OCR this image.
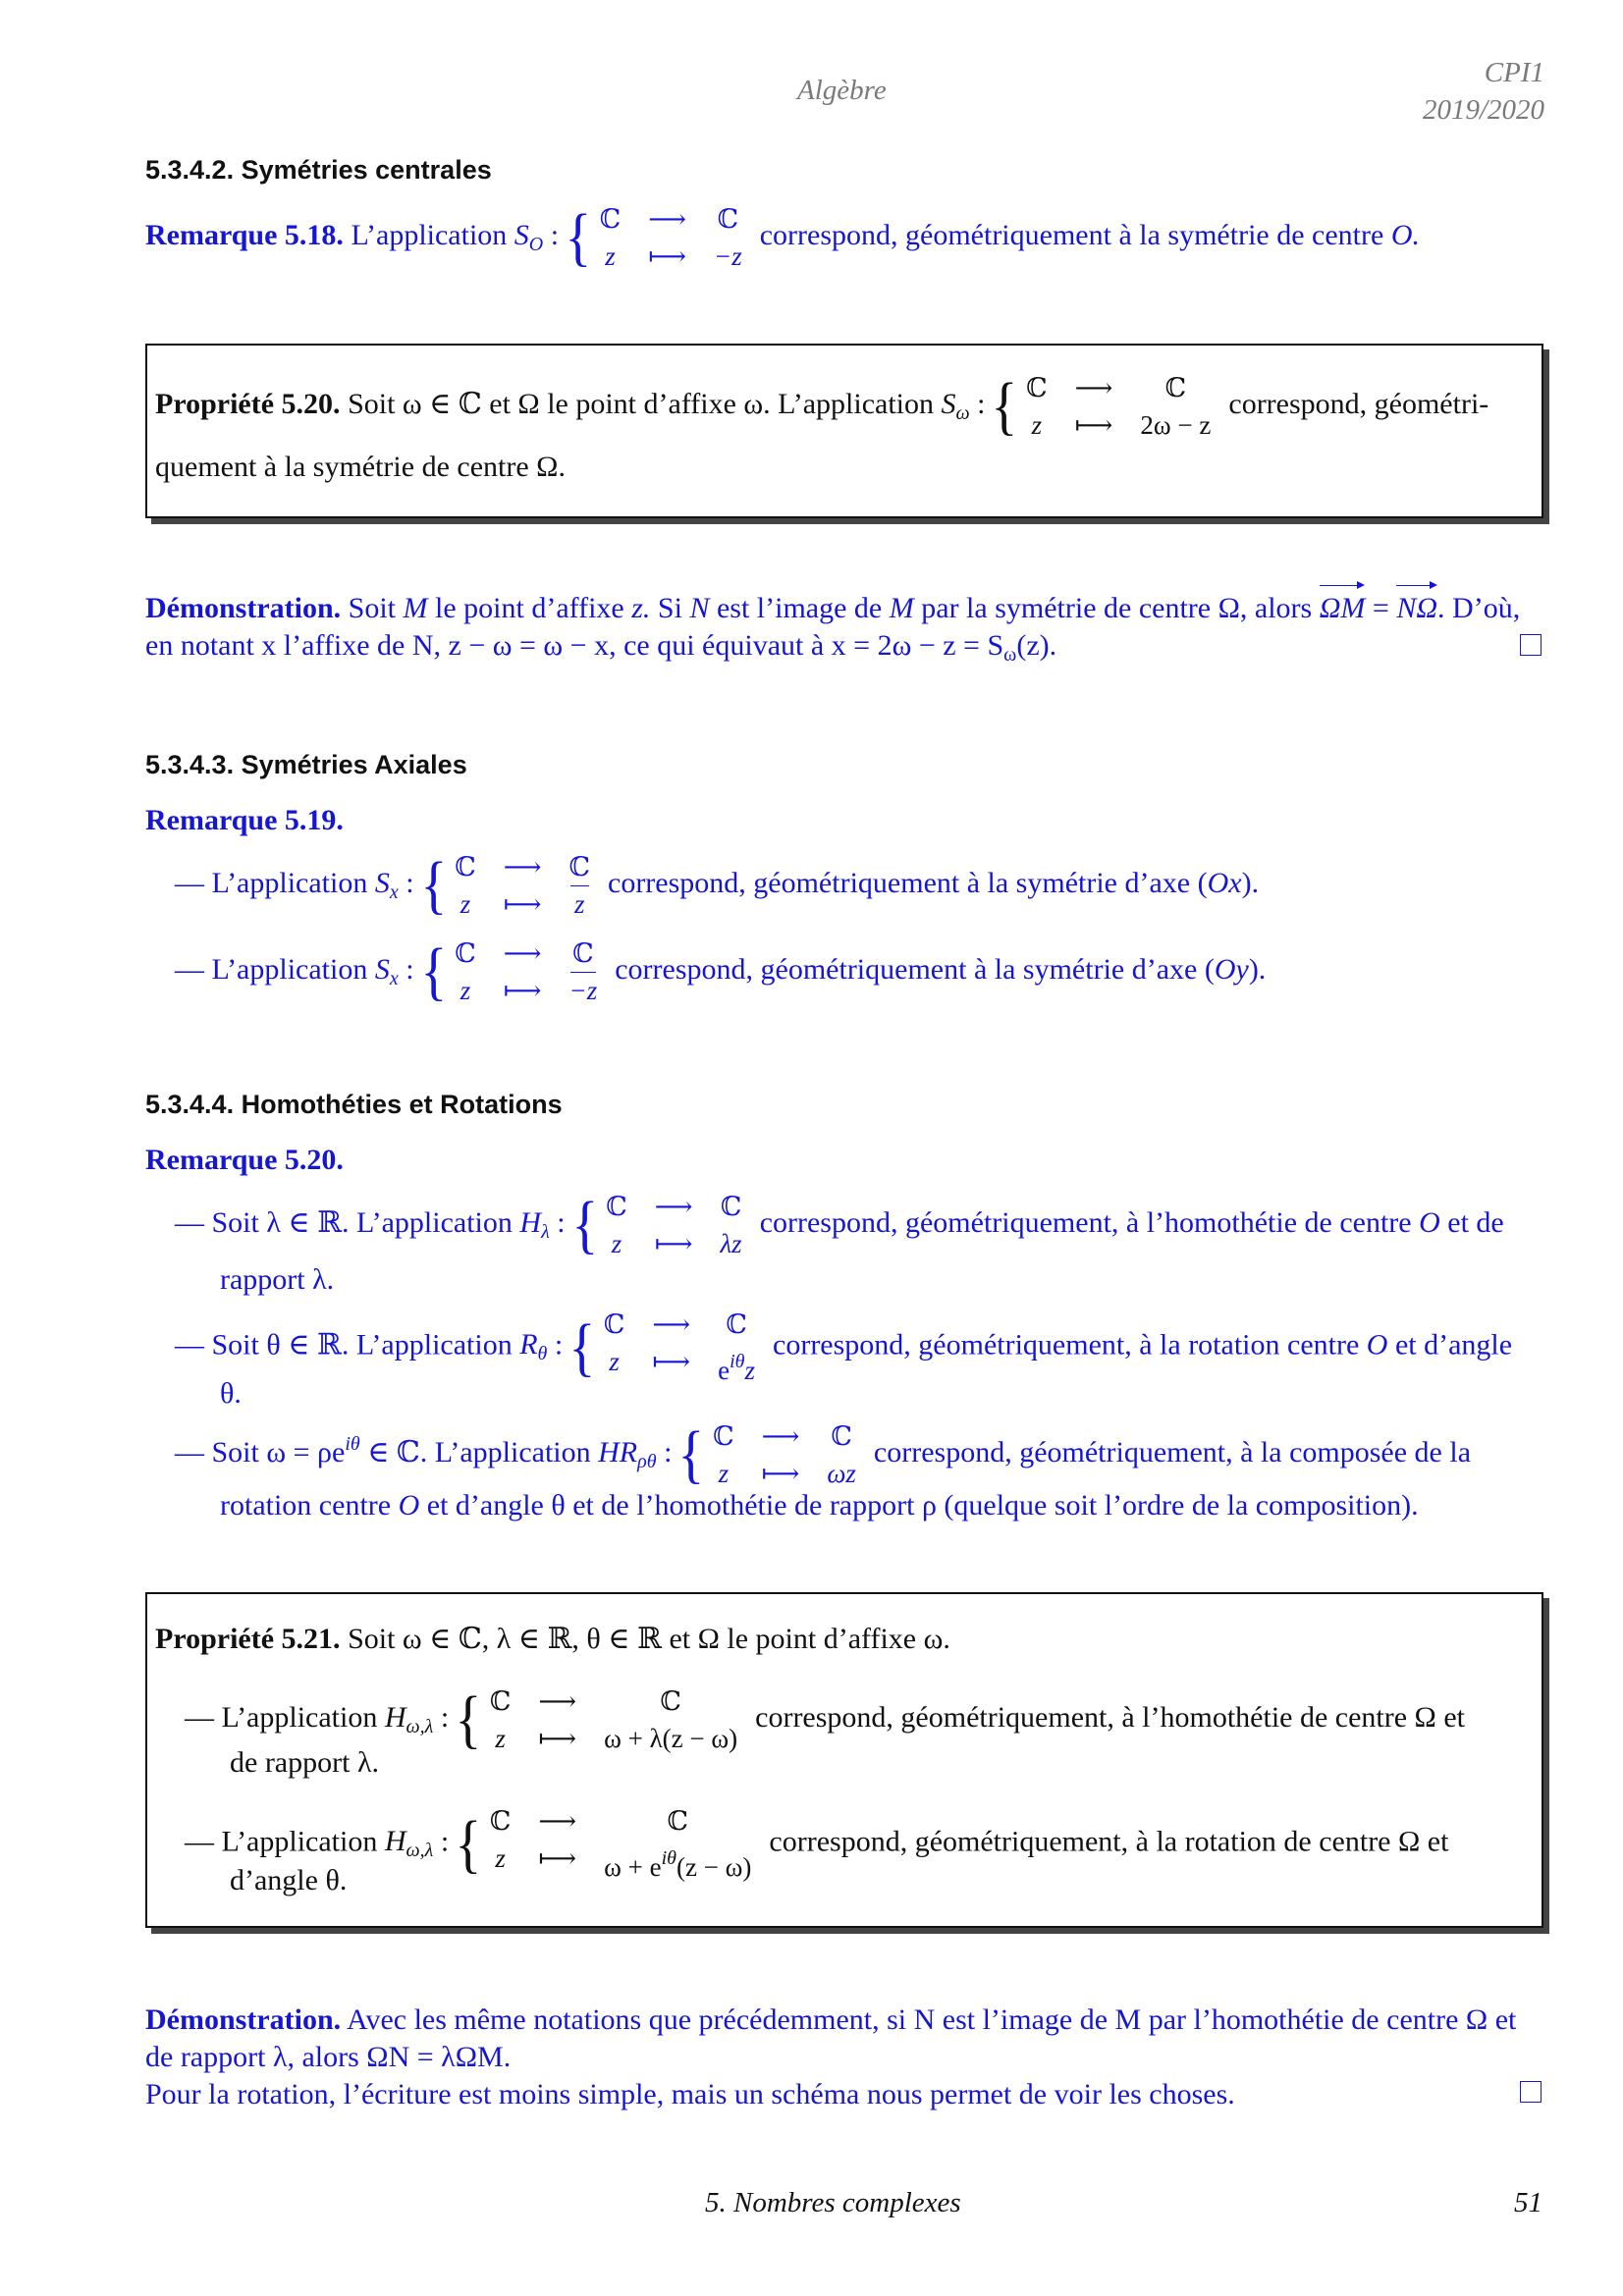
Algèbre
CPI1
2019/2020
5.3.4.2. Symétries centrales
Remarque 5.18. L’application $S_O$ :{ ℂ ⟶ ℂ
z ⟼ −z
correspond, géométriquement à la symétrie de centre O.
Propriété 5.20. Soit ω ∈ ℂ et Ω le point d’affixe ω. L’application $S_\omega$ :{ ℂ ⟶	ℂ
z ⟼ 2ω − z
correspond, géométri-
quement à la symétrie de centre Ω.
Démonstration. Soit M le point d’affixe z. Si N est l’image de M par la symétrie de centre Ω, alors ΩM = NΩ. D’où,
en notant x l’affixe de N, z − ω = ω − x, ce qui équivaut à $x = 2\omega - z = S_\omega(z)$.
5.3.4.3. Symétries Axiales
Remarque 5.19.
— L’application $S_x$ :{ ℂ ⟶ ℂ
z ⟼ z
correspond, géométriquement à la symétrie d’axe (Ox).
— L’application $S_x$ :{ ℂ ⟶ ℂ
z ⟼ −z
correspond, géométriquement à la symétrie d’axe (Oy).
5.3.4.4. Homothéties et Rotations
Remarque 5.20.
— Soit λ ∈ ℝ. L’application $H_\lambda$ :{ ℂ ⟶ ℂ
z ⟼ λz
correspond, géométriquement, à l’homothétie de centre O et de
rapport λ.
— Soit θ ∈ ℝ. L’application $R_\theta$ :{ ℂ ⟶	ℂ
z ⟼ $e^{i\theta}z$
correspond, géométriquement, à la rotation centre O et d’angle
θ.
— Soit $\omega = \rho e^{i\theta}$ ∈ ℂ. L’application $HR_{\rho\theta}$ :{ ℂ ⟶ ℂ
z ⟼ ωz
correspond, géométriquement, à la composée de la
rotation centre O et d’angle θ et de l’homothétie de rapport ρ (quelque soit l’ordre de la composition).
Propriété 5.21. Soit ω ∈ ℂ, λ ∈ ℝ, θ ∈ ℝ et Ω le point d’affixe ω.
— L’application $H_{\omega,\lambda}$ :{ ℂ ⟶	ℂ
z ⟼ ω + λ(z − ω)
correspond, géométriquement, à l’homothétie de centre Ω et
de rapport λ.
— L’application $H_{\omega,\lambda}$ :{ ℂ ⟶	ℂ
z ⟼ $\omega + e^{i\theta}(z - \omega)$
correspond, géométriquement, à la rotation de centre Ω et
d’angle θ.
Démonstration. Avec les même notations que précédemment, si N est l’image de M par l’homothétie de centre Ω et
de rapport λ, alors ΩN = λΩM.
Pour la rotation, l’écriture est moins simple, mais un schéma nous permet de voir les choses.
5. Nombres complexes	51
